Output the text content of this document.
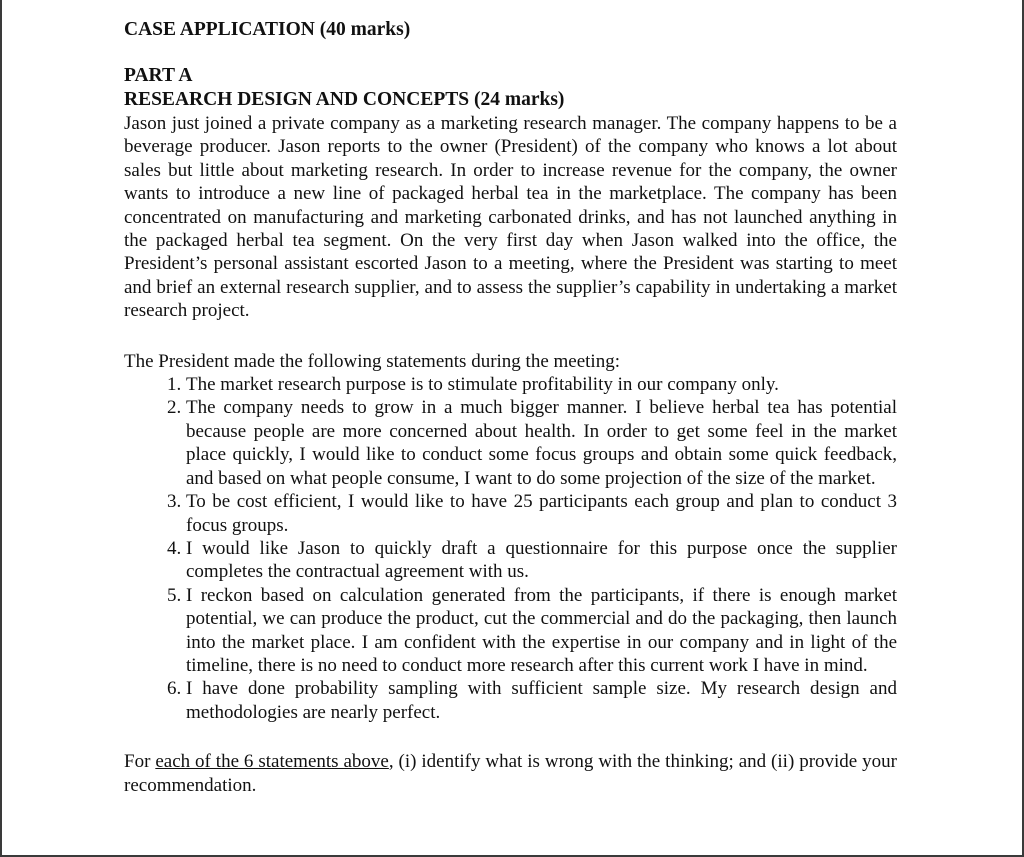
CASE APPLICATION (40 marks)

PART A

RESEARCH DESIGN AND CONCEPTS (24 marks)

Jason just joined a private company as a marketing research manager. The company happens to be a beverage producer. Jason reports to the owner (President) of the company who knows a lot about sales but little about marketing research. In order to increase revenue for the company, the owner wants to introduce a new line of packaged herbal tea in the marketplace. The company has been concentrated on manufacturing and marketing carbonated drinks, and has not launched anything in the packaged herbal tea segment. On the very first day when Jason walked into the office, the President’s personal assistant escorted Jason to a meeting, where the President was starting to meet and brief an external research supplier, and to assess the supplier’s capability in undertaking a market research project.

The President made the following statements during the meeting:

1. The market research purpose is to stimulate profitability in our company only.
2. The company needs to grow in a much bigger manner. I believe herbal tea has potential because people are more concerned about health. In order to get some feel in the market place quickly, I would like to conduct some focus groups and obtain some quick feedback, and based on what people consume, I want to do some projection of the size of the market.
3. To be cost efficient, I would like to have 25 participants each group and plan to conduct 3 focus groups.
4. I would like Jason to quickly draft a questionnaire for this purpose once the supplier completes the contractual agreement with us.
5. I reckon based on calculation generated from the participants, if there is enough market potential, we can produce the product, cut the commercial and do the packaging, then launch into the market place. I am confident with the expertise in our company and in light of the timeline, there is no need to conduct more research after this current work I have in mind.
6. I have done probability sampling with sufficient sample size. My research design and methodologies are nearly perfect.

For each of the 6 statements above, (i) identify what is wrong with the thinking; and (ii) provide your recommendation.
